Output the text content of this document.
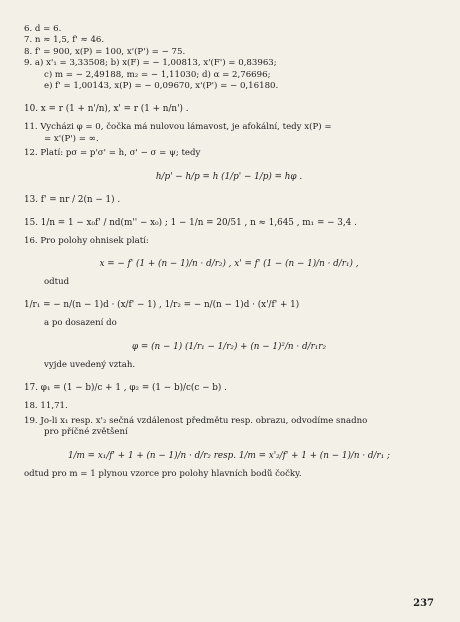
6. d = 6.
7. n ≈ 1,5, f' ≈ 46.
8. f' = 900, x(P) = 100, x'(P') = − 75.
9. a) x'₁ = 3,33508; b) x(F) = − 1,00813, x'(F') = 0,83963;
c) m = − 2,49188, m₂ = − 1,11030; d) α = 2,76696;
e) f' = 1,00143, x(P) = − 0,09670, x'(P') = − 0,16180.
10. x = r (1 + n'/n), x' = r (1 + n/n') .
11. Vycházi φ = 0, čočka má nulovou lámavost, je afokální, tedy x(P) =
= x'(P') = ∞.
12. Platí: pσ = p'σ' = h, σ' − σ = ψ; tedy
h/p' − h/p = h (1/p' − 1/p) = hφ .
13. f' = nr / 2(n − 1) .
15. 1/n = 1 − x₀f' / nd(m'' − x₀) ; 1 − 1/n = 20/51 , n ≈ 1,645 , m₁ = − 3,4 .
16. Pro polohy ohnisek platí:
x = − f' (1 + (n − 1)/n · d/r₂) , x' = f' (1 − (n − 1)/n · d/r₁) ,
odtud
1/r₁ = − n/(n − 1)d · (x/f' − 1) , 1/r₂ = − n/(n − 1)d · (x'/f' + 1)
a po dosazení do
φ = (n − 1) (1/r₁ − 1/r₂) + (n − 1)²/n · d/r₁r₂
vyjde uvedený vztah.
17. φ₁ = (1 − b)/c + 1 , φ₂ = (1 − b)/c(c − b) .
18. 11,71.
19. Jo-li x₁ resp. x'₂ sečná vzdálenost předmětu resp. obrazu, odvodíme snadno
pro příčné zvětšení
1/m = x₁/f' + 1 + (n − 1)/n · d/r₂ resp. 1/m = x'₂/f' + 1 + (n − 1)/n · d/r₁ ;
odtud pro m = 1 plynou vzorce pro polohy hlavních bodů čočky.
237
